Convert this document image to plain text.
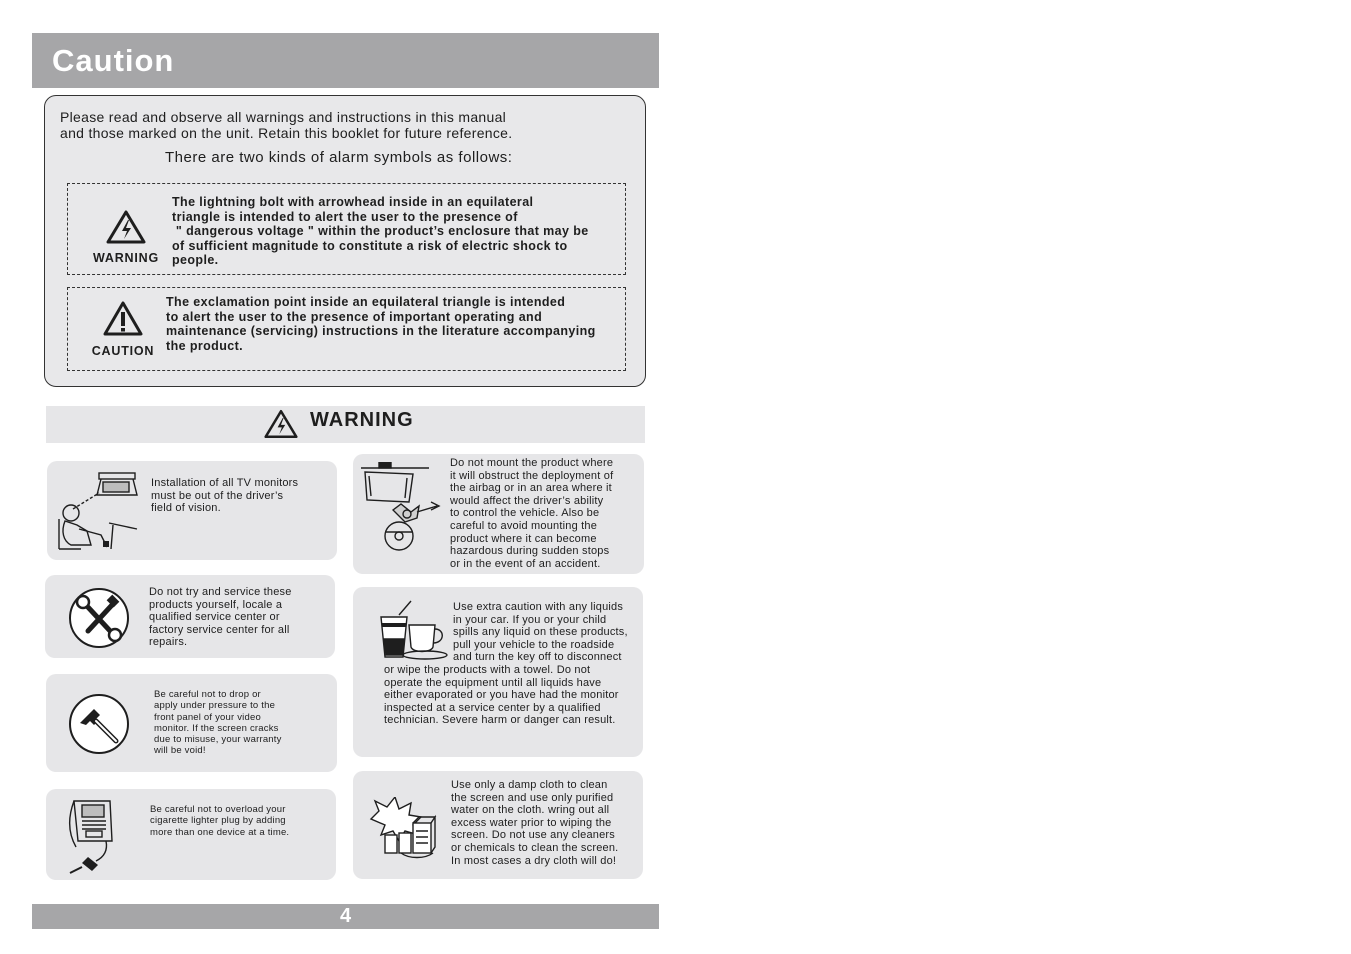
Caution
Please read and observe all warnings and instructions in this manual
and those marked on the unit. Retain this booklet for future reference.
There are two kinds of alarm symbols as follows:
WARNING
The lightning bolt with arrowhead inside in an equilateral
triangle is intended to alert the user to the presence of
" dangerous voltage " within the product’s enclosure that may be
of sufficient magnitude to constitute a risk of electric shock to
people.
CAUTION
The exclamation point inside an equilateral triangle is intended
to alert the user to the presence of important operating and
maintenance (servicing) instructions in the literature accompanying
the product.
WARNING
Installation of all TV monitors
must be out of the driver’s
field of vision.
Do not mount the product where
it will obstruct the deployment of
the airbag or in an area where it
would affect the driver’s ability
to control the vehicle. Also be
careful to avoid mounting the
product where it can become
hazardous during sudden stops
or in the event of an accident.
Do not try and service these
products yourself, locale a
qualified service center or
factory service center for all
repairs.
Use extra caution with any liquids
in your car. If you or your child
spills any liquid on these products,
pull your vehicle to the roadside
and turn the key off to disconnect
or wipe the products with a towel. Do not
operate the equipment until all liquids have
either evaporated or you have had the monitor
inspected at a service center by a qualified
technician. Severe harm or danger can result.
Be careful not to drop or
apply under pressure to the
front panel of your video
monitor. If the screen cracks
due to misuse, your warranty
will be void!
Be careful not to overload your
cigarette lighter plug by adding
more than one device at a time.
Use only a damp cloth to clean
the screen and use only purified
water on the cloth. wring out all
excess water prior to wiping the
screen. Do not use any cleaners
or chemicals to clean the screen.
In most cases a dry cloth will do!
4
